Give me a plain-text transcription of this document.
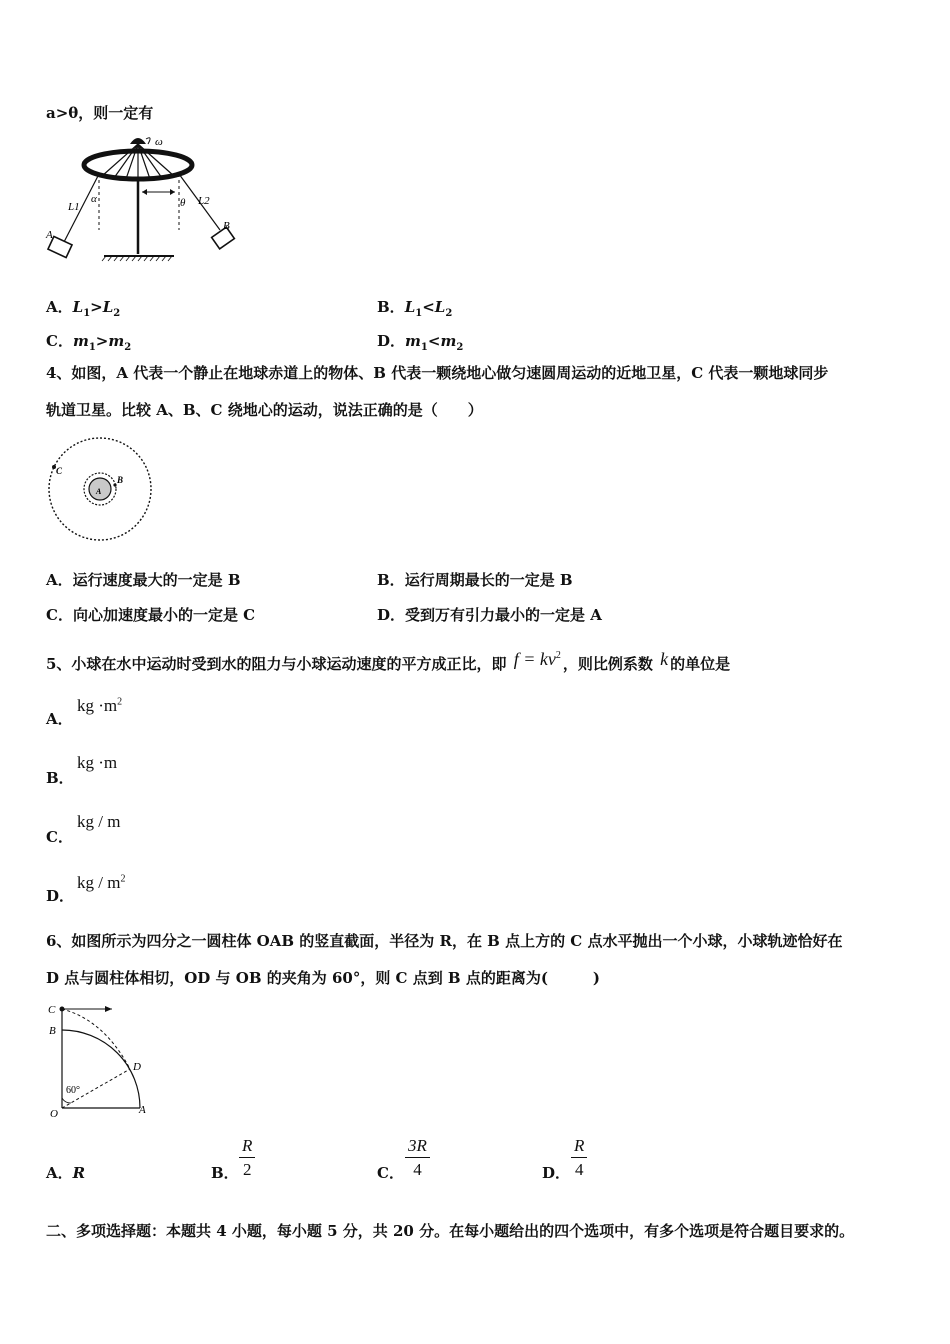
a>θ，则一定有
ω
L1
α	θ L2
A
B
A．$L_1>L_2$	B．$L_1<L_2$
C．$m_1>m_2$	D．$m_1<m_2$
4、如图，A 代表一个静止在地球赤道上的物体、B 代表一颗绕地心做匀速圆周运动的近地卫星，C 代表一颗地球同步
轨道卫星。比较 A、B、C 绕地心的运动，说法正确的是（　　）
C
B
A
A．运行速度最大的一定是 B	B．运行周期最长的一定是 B
C．向心加速度最小的一定是 C	D．受到万有引力最小的一定是 A
5、小球在水中运动时受到水的阻力与小球运动速度的平方成正比，即 $f = kv^2$ ，则比例系数 k 的单位是
A．
kg $\cdot m^2$
B．
kg ·m
C．
kg / m
D．
kg / $m^2$
6、如图所示为四分之一圆柱体 OAB 的竖直截面，半径为 R，在 B 点上方的 C 点水平抛出一个小球，小球轨迹恰好在
D 点与圆柱体相切，OD 与 OB 的夹角为 60°，则 C 点到 B 点的距离为(　　　)
C
B
D
O	A
60°
A．R	B． $\frac{R}{2}$	C． $\frac{3R}{4}$	D． $\frac{R}{4}$
二、多项选择题：本题共 4 小题，每小题 5 分，共 20 分。在每小题给出的四个选项中，有多个选项是符合题目要求的。
